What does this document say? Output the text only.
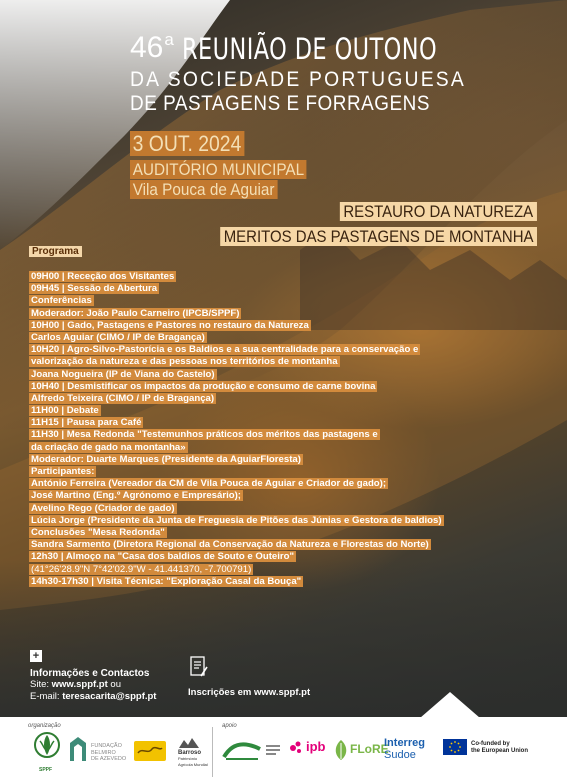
46$^a$ REUNIÃO DE OUTONO
DA SOCIEDADE PORTUGUESA
DE PASTAGENS E FORRAGENS
3 OUT. 2024
AUDITÓRIO MUNICIPAL
Vila Pouca de Aguiar
RESTAURO DA NATUREZA
MERITOS DAS PASTAGENS DE MONTANHA
Programa
09H00 | Receção dos Visitantes
09H45 | Sessão de Abertura
Conferências
Moderador: João Paulo Carneiro (IPCB/SPPF)
10H00 | Gado, Pastagens e Pastores no restauro da Natureza
Carlos Aguiar (CIMO / IP de Bragança)
10H20 | Agro-Silvo-Pastorícia e os Baldios e a sua centralidade para a conservação e
valorização da natureza e das pessoas nos territórios de montanha
Joana Nogueira (IP de Viana do Castelo)
10H40 | Desmistificar os impactos da produção e consumo de carne bovina
Alfredo Teixeira (CIMO / IP de Bragança)
11H00 | Debate
11H15 | Pausa para Café
11H30 | Mesa Redonda "Testemunhos práticos dos méritos das pastagens e
da criação de gado na montanha»
Moderador: Duarte Marques (Presidente da AguiarFloresta)
Participantes:
António Ferreira (Vereador da CM de Vila Pouca de Aguiar e Criador de gado);
José Martino (Eng.º Agrónomo e Empresário);
Avelino Rego (Criador de gado)
Lúcia Jorge (Presidente da Junta de Freguesia de Pitões das Júnias e Gestora de baldios)
Conclusões "Mesa Redonda"
Sandra Sarmento (Diretora Regional da Conservação da Natureza e Florestas do Norte)
12h30 | Almoço na "Casa dos baldios de Souto e Outeiro"
(41°26'28.9"N 7°42'02.9"W - 41.441370, -7.700791)
14h30-17h30 | Visita Técnica: "Exploração Casal da Bouça"
+
Informações e Contactos
Site: www.sppf.pt ou
E-mail: teresacarita@sppf.pt	Inscrições em www.sppf.pt
organização	apoio
SPPF
FUNDAÇÃO
BELMIRO
DE AZEVEDO
Barroso
Património
Agrícola Mundial
ipb FLoRE
Interreg
Sudoe
Co-funded by
the European Union
